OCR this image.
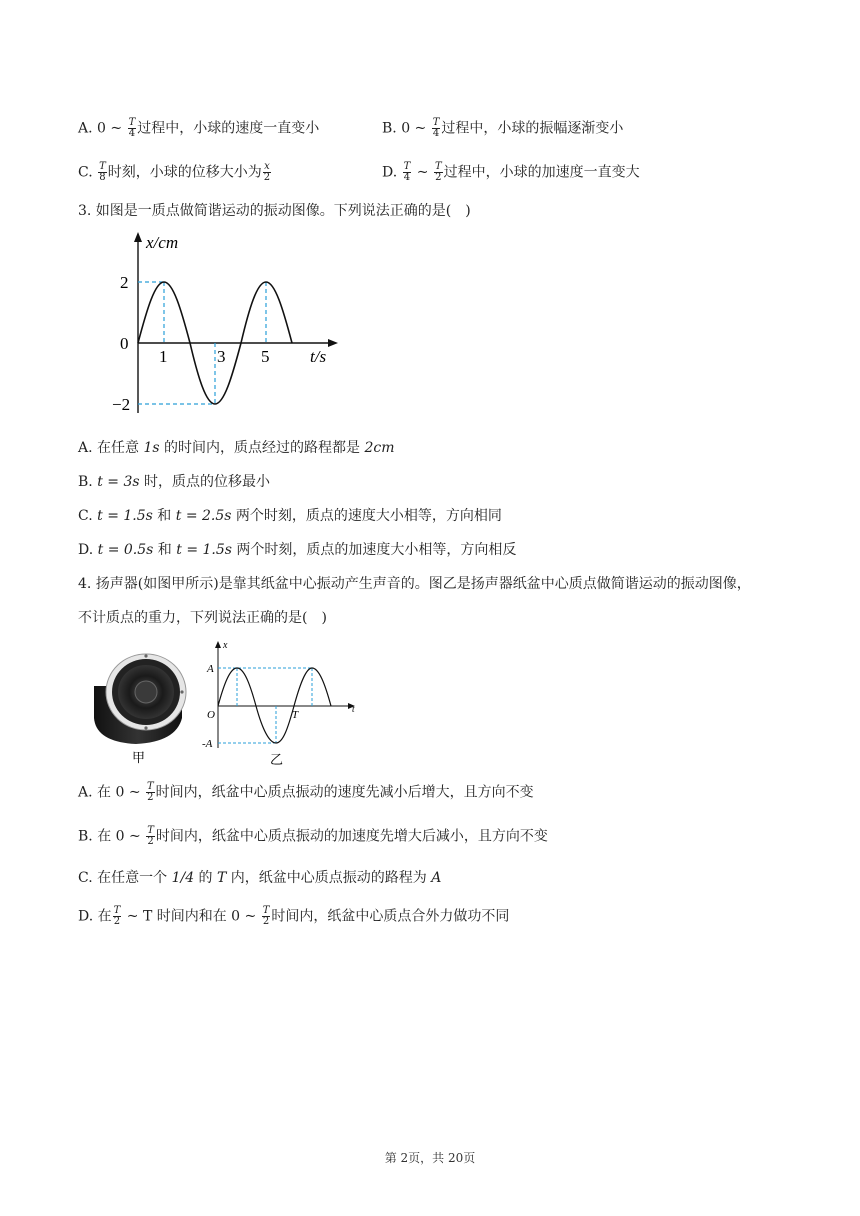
A. 0 ~ $\frac{T}{4}$ 过程中，小球的速度一直变小	B. 0 ~ $\frac{T}{4}$ 过程中，小球的振幅逐渐变小
C. $\frac{T}{8}$ 时刻，小球的位移大小为 $\frac{x}{2}$	D. $\frac{T}{4}$ ~ $\frac{T}{2}$ 过程中，小球的加速度一直变大
3. 如图是一质点做简谐运动的振动图像。下列说法正确的是(　)
x/cm
2
0
−2
1	3 5 t/s
A. 在任意 1s 的时间内，质点经过的路程都是 2cm
B. t = 3s 时，质点的位移最小
C. t = 1.5s 和 t = 2.5s 两个时刻，质点的速度大小相等，方向相同
D. t = 0.5s 和 t = 1.5s 两个时刻，质点的加速度大小相等，方向相反
4. 扬声器(如图甲所示)是靠其纸盆中心振动产生声音的。图乙是扬声器纸盆中心质点做简谐运动的振动图像，
不计质点的重力，下列说法正确的是(　)
甲
x
A
O
-A
T	t
乙
A. 在 0 ~ $\frac{T}{2}$ 时间内，纸盆中心质点振动的速度先减小后增大，且方向不变
B. 在 0 ~ $\frac{T}{2}$ 时间内，纸盆中心质点振动的加速度先增大后减小，且方向不变
C. 在任意一个 1/4 的 T 内，纸盆中心质点振动的路程为 A
D. 在 $\frac{T}{2}$ ~ T 时间内和在 0 ~ $\frac{T}{2}$ 时间内，纸盆中心质点合外力做功不同
第 2页，共 20页
